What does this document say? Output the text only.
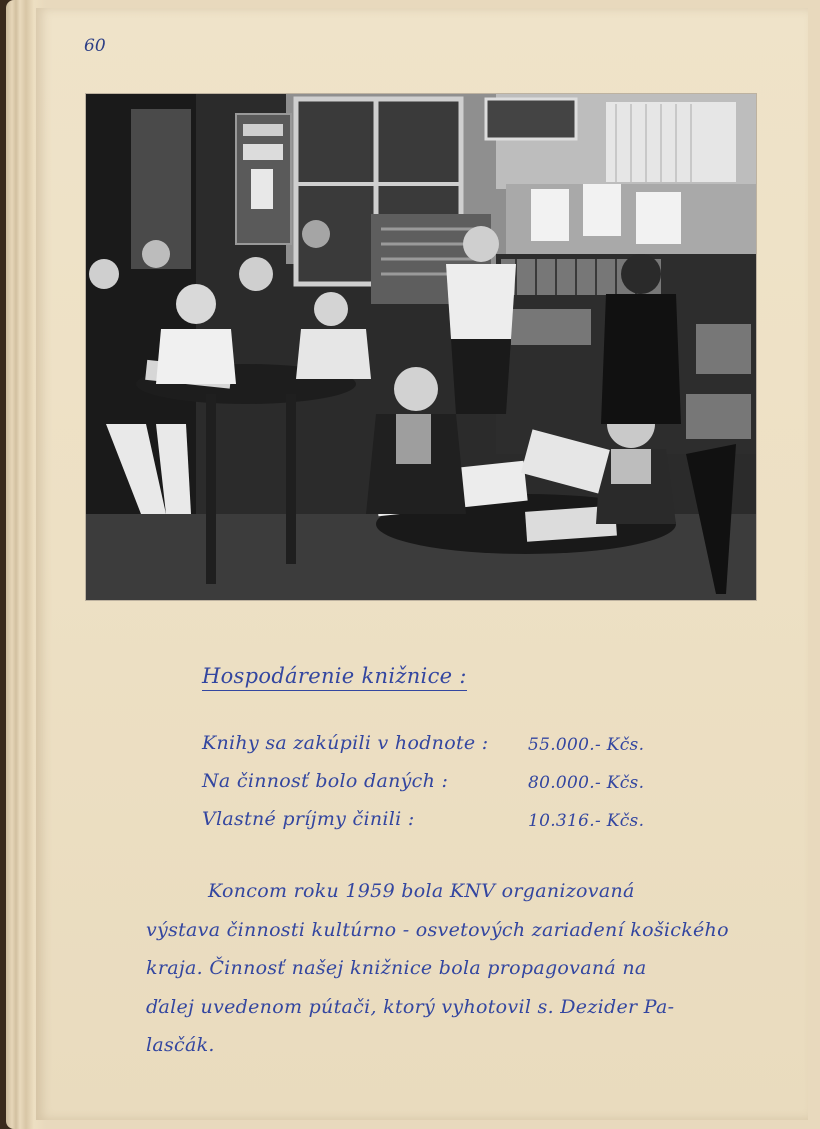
60
Hospodárenie knižnice :
Knihy sa zakúpili v hodnote : 55.000.- Kčs.
Na činnosť bolo daných :	80.000.- Kčs.
Vlastné príjmy činili :	10.316.- Kčs.
Koncom roku 1959 bola KNV organizovaná
výstava činnosti kultúrno - osvetových zariadení košického
kraja. Činnosť našej knižnice bola propagovaná na
ďalej uvedenom pútači, ktorý vyhotovil s. Dezider Pa-
lasčák.
